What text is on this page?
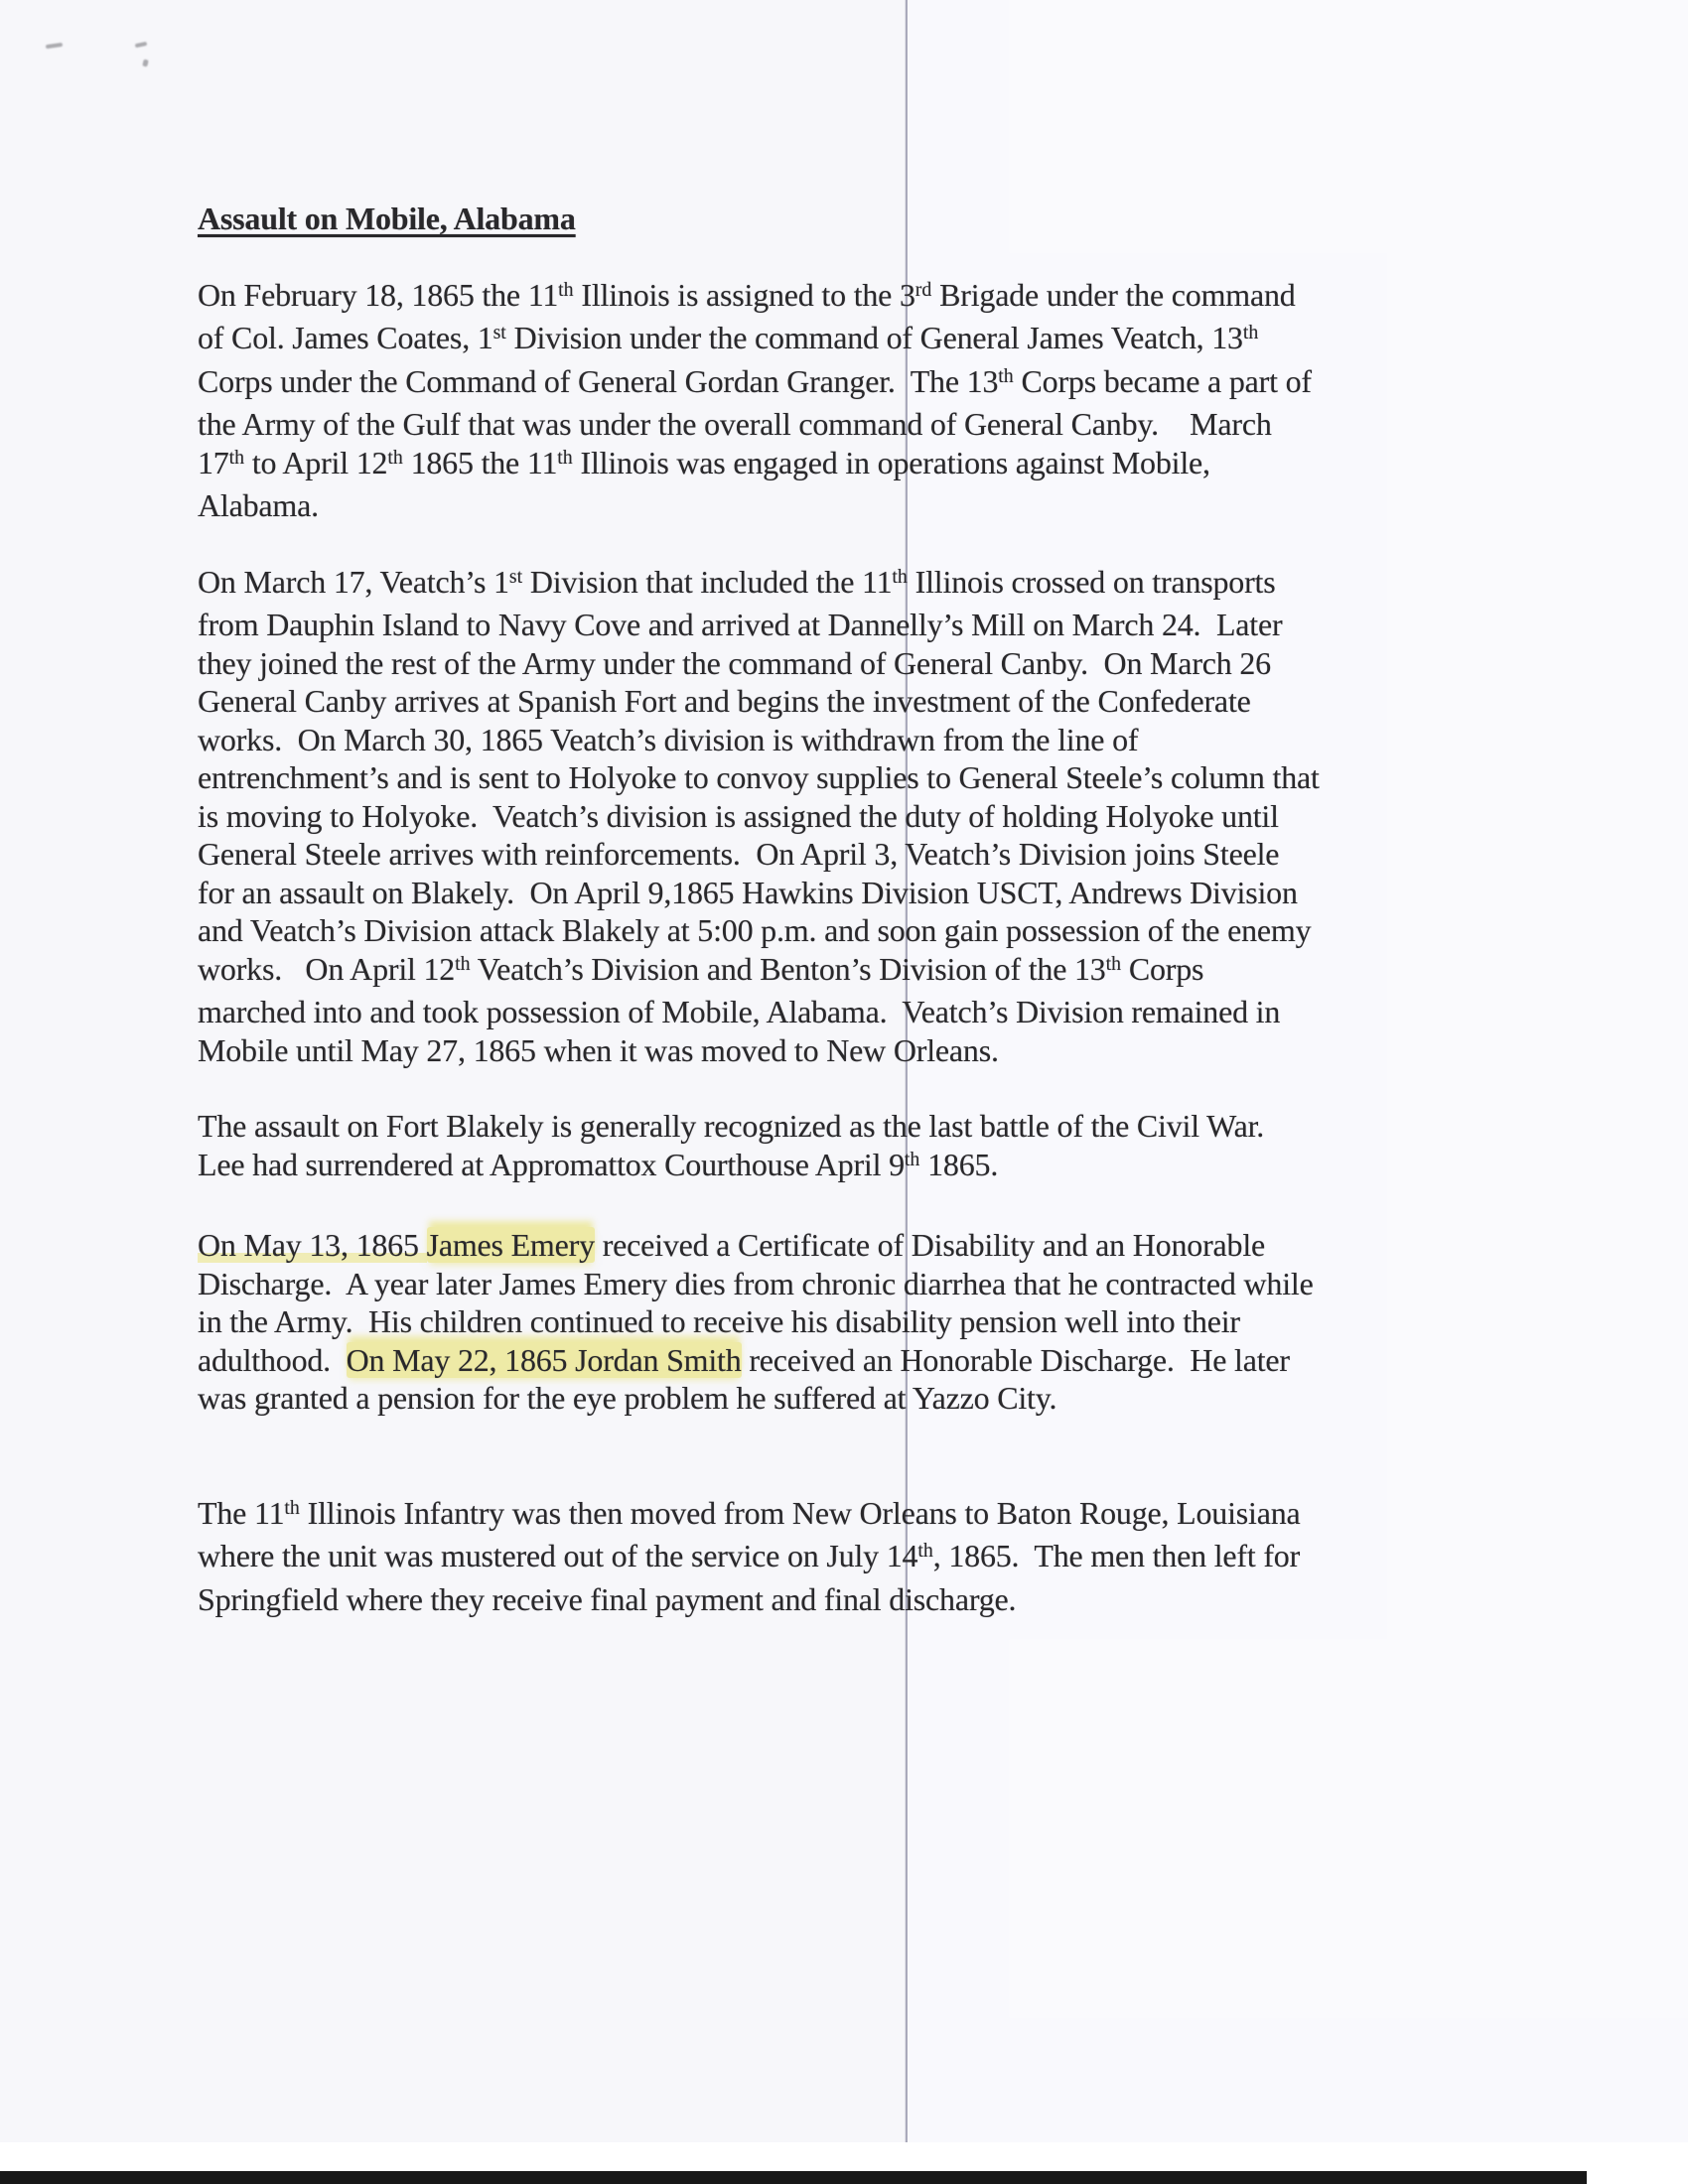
Assault on Mobile, Alabama
On February 18, 1865 the 11th Illinois is assigned to the 3rd Brigade under the command
of Col. James Coates, 1st Division under the command of General James Veatch, 13th
Corps under the Command of General Gordan Granger.  The 13th Corps became a part of
the Army of the Gulf that was under the overall command of General Canby.    March
17th to April 12th 1865 the 11th Illinois was engaged in operations against Mobile,
Alabama.
On March 17, Veatch’s 1st Division that included the 11th Illinois crossed on transports
from Dauphin Island to Navy Cove and arrived at Dannelly’s Mill on March 24.  Later
they joined the rest of the Army under the command of General Canby.  On March 26
General Canby arrives at Spanish Fort and begins the investment of the Confederate
works.  On March 30, 1865 Veatch’s division is withdrawn from the line of
entrenchment’s and is sent to Holyoke to convoy supplies to General Steele’s column that
is moving to Holyoke.  Veatch’s division is assigned the duty of holding Holyoke until
General Steele arrives with reinforcements.  On April 3, Veatch’s Division joins Steele
for an assault on Blakely.  On April 9,1865 Hawkins Division USCT, Andrews Division
and Veatch’s Division attack Blakely at 5:00 p.m. and soon gain possession of the enemy
works.   On April 12th Veatch’s Division and Benton’s Division of the 13th Corps
marched into and took possession of Mobile, Alabama.  Veatch’s Division remained in
Mobile until May 27, 1865 when it was moved to New Orleans.
The assault on Fort Blakely is generally recognized as the last battle of the Civil War.
Lee had surrendered at Appromattox Courthouse April 9th 1865.
On May 13, 1865 James Emery received a Certificate of Disability and an Honorable
Discharge.  A year later James Emery dies from chronic diarrhea that he contracted while
in the Army.  His children continued to receive his disability pension well into their
adulthood.  On May 22, 1865 Jordan Smith received an Honorable Discharge.  He later
was granted a pension for the eye problem he suffered at Yazzo City.
The 11th Illinois Infantry was then moved from New Orleans to Baton Rouge, Louisiana
where the unit was mustered out of the service on July 14th, 1865.  The men then left for
Springfield where they receive final payment and final discharge.
